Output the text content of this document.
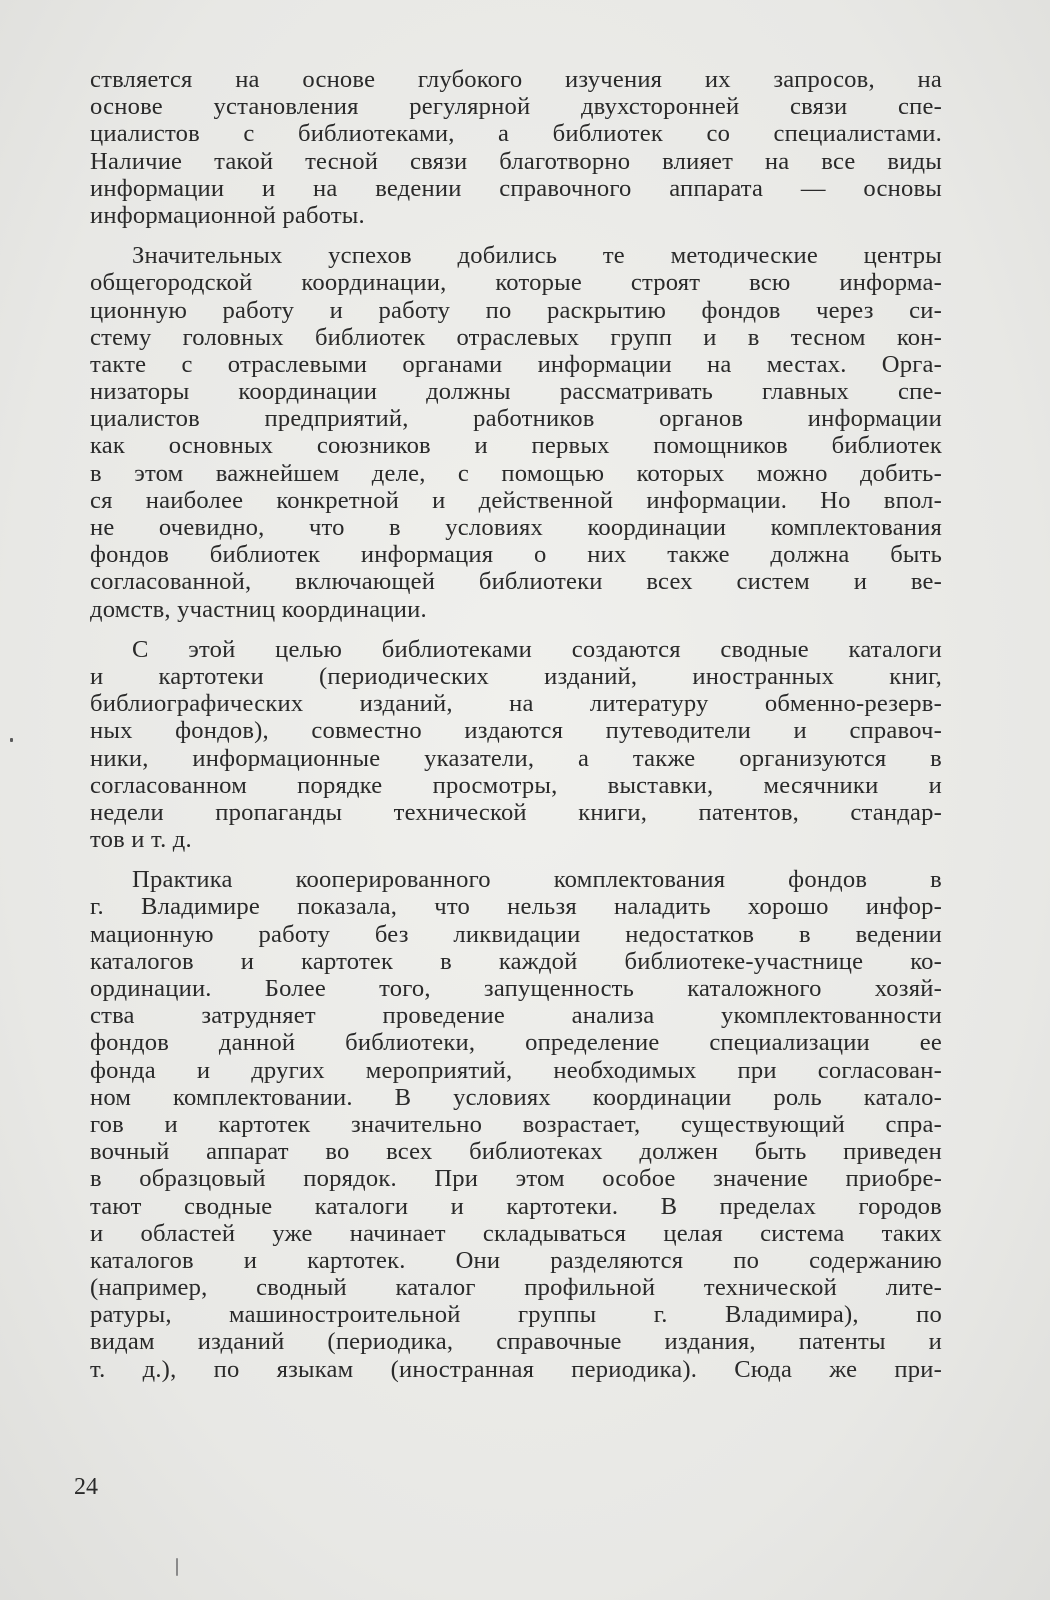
ствляется на основе глубокого изучения их запросов, на
основе установления регулярной двухсторонней связи спе-
циалистов с библиотеками, а библиотек со специалистами.
Наличие такой тесной связи благотворно влияет на все виды
информации и на ведении справочного аппарата — основы
информационной работы.
Значительных успехов добились те методические центры
общегородской координации, которые строят всю информа-
ционную работу и работу по раскрытию фондов через си-
стему головных библиотек отраслевых групп и в тесном кон-
такте с отраслевыми органами информации на местах. Орга-
низаторы координации должны рассматривать главных спе-
циалистов предприятий, работников органов информации
как основных союзников и первых помощников библиотек
в этом важнейшем деле, с помощью которых можно добить-
ся наиболее конкретной и действенной информации. Но впол-
не очевидно, что в условиях координации комплектования
фондов библиотек информация о них также должна быть
согласованной, включающей библиотеки всех систем и ве-
домств, участниц координации.
С этой целью библиотеками создаются сводные каталоги
и картотеки (периодических изданий, иностранных книг,
библиографических изданий, на литературу обменно-резерв-
ных фондов), совместно издаются путеводители и справоч-
ники, информационные указатели, а также организуются в
согласованном порядке просмотры, выставки, месячники и
недели пропаганды технической книги, патентов, стандар-
тов и т. д.
Практика кооперированного комплектования фондов в
г. Владимире показала, что нельзя наладить хорошо инфор-
мационную работу без ликвидации недостатков в ведении
каталогов и картотек в каждой библиотеке-участнице ко-
ординации. Более того, запущенность каталожного хозяй-
ства затрудняет проведение анализа укомплектованности
фондов данной библиотеки, определение специализации ее
фонда и других мероприятий, необходимых при согласован-
ном комплектовании. В условиях координации роль катало-
гов и картотек значительно возрастает, существующий спра-
вочный аппарат во всех библиотеках должен быть приведен
в образцовый порядок. При этом особое значение приобре-
тают сводные каталоги и картотеки. В пределах городов
и областей уже начинает складываться целая система таких
каталогов и картотек. Они разделяются по содержанию
(например, сводный каталог профильной технической лите-
ратуры, машиностроительной группы г. Владимира), по
видам изданий (периодика, справочные издания, патенты и
т. д.), по языкам (иностранная периодика). Сюда же при-
24
